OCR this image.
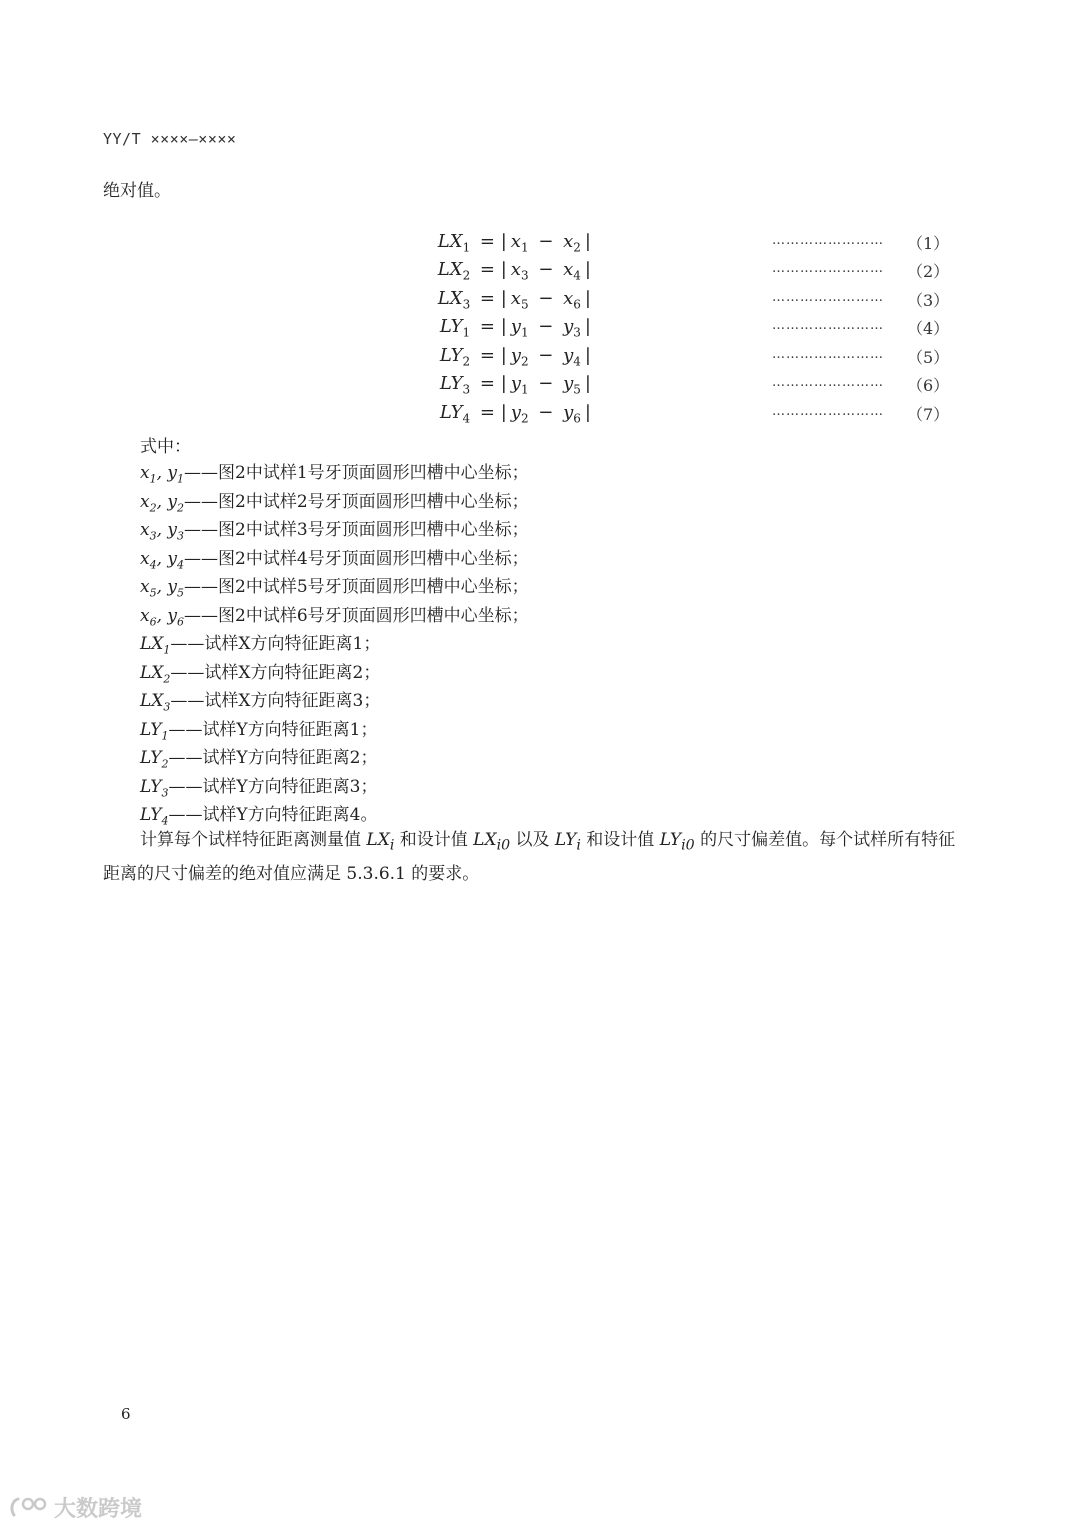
YY/T ××××—××××
绝对值。
$LX_1$ = | $x_1 - x_2$ |	…………………… （1）
$LX_2$ = | $x_3 - x_4$ |	…………………… （2）
$LX_3$ = | $x_5 - x_6$ |	…………………… （3）
$LY_1$ = | $y_1 - y_3$ |	…………………… （4）
$LY_2$ = | $y_2 - y_4$ |	…………………… （5）
$LY_3$ = | $y_1 - y_5$ |	…………………… （6）
$LY_4$ = | $y_2 - y_6$ |	…………………… （7）
式中：
$x_1$, $y_1——$图2中试样1号牙顶面圆形凹槽中心坐标；
$x_2$, $y_2——$图2中试样2号牙顶面圆形凹槽中心坐标；
$x_3$, $y_3——$图2中试样3号牙顶面圆形凹槽中心坐标；
$x_4$, $y_4——$图2中试样4号牙顶面圆形凹槽中心坐标；
$x_5$, $y_5——$图2中试样5号牙顶面圆形凹槽中心坐标；
$x_6$, $y_6——$图2中试样6号牙顶面圆形凹槽中心坐标；
$LX_1——$试样X方向特征距离1；
$LX_2——$试样X方向特征距离2；
$LX_3——$试样X方向特征距离3；
$LY_1——$试样Y方向特征距离1；
$LY_2——$试样Y方向特征距离2；
$LY_3——$试样Y方向特征距离3；
$LY_4——$试样Y方向特征距离4。
计算每个试样特征距离测量值 $LX_i$ 和设计值 $LX_{i0}$ 以及 $LY_i$ 和设计值 $LY_{i0}$ 的尺寸偏差值。每个试样所有特征距离的尺寸偏差的绝对值应满足 5.3.6.1 的要求。
6
大数跨境
